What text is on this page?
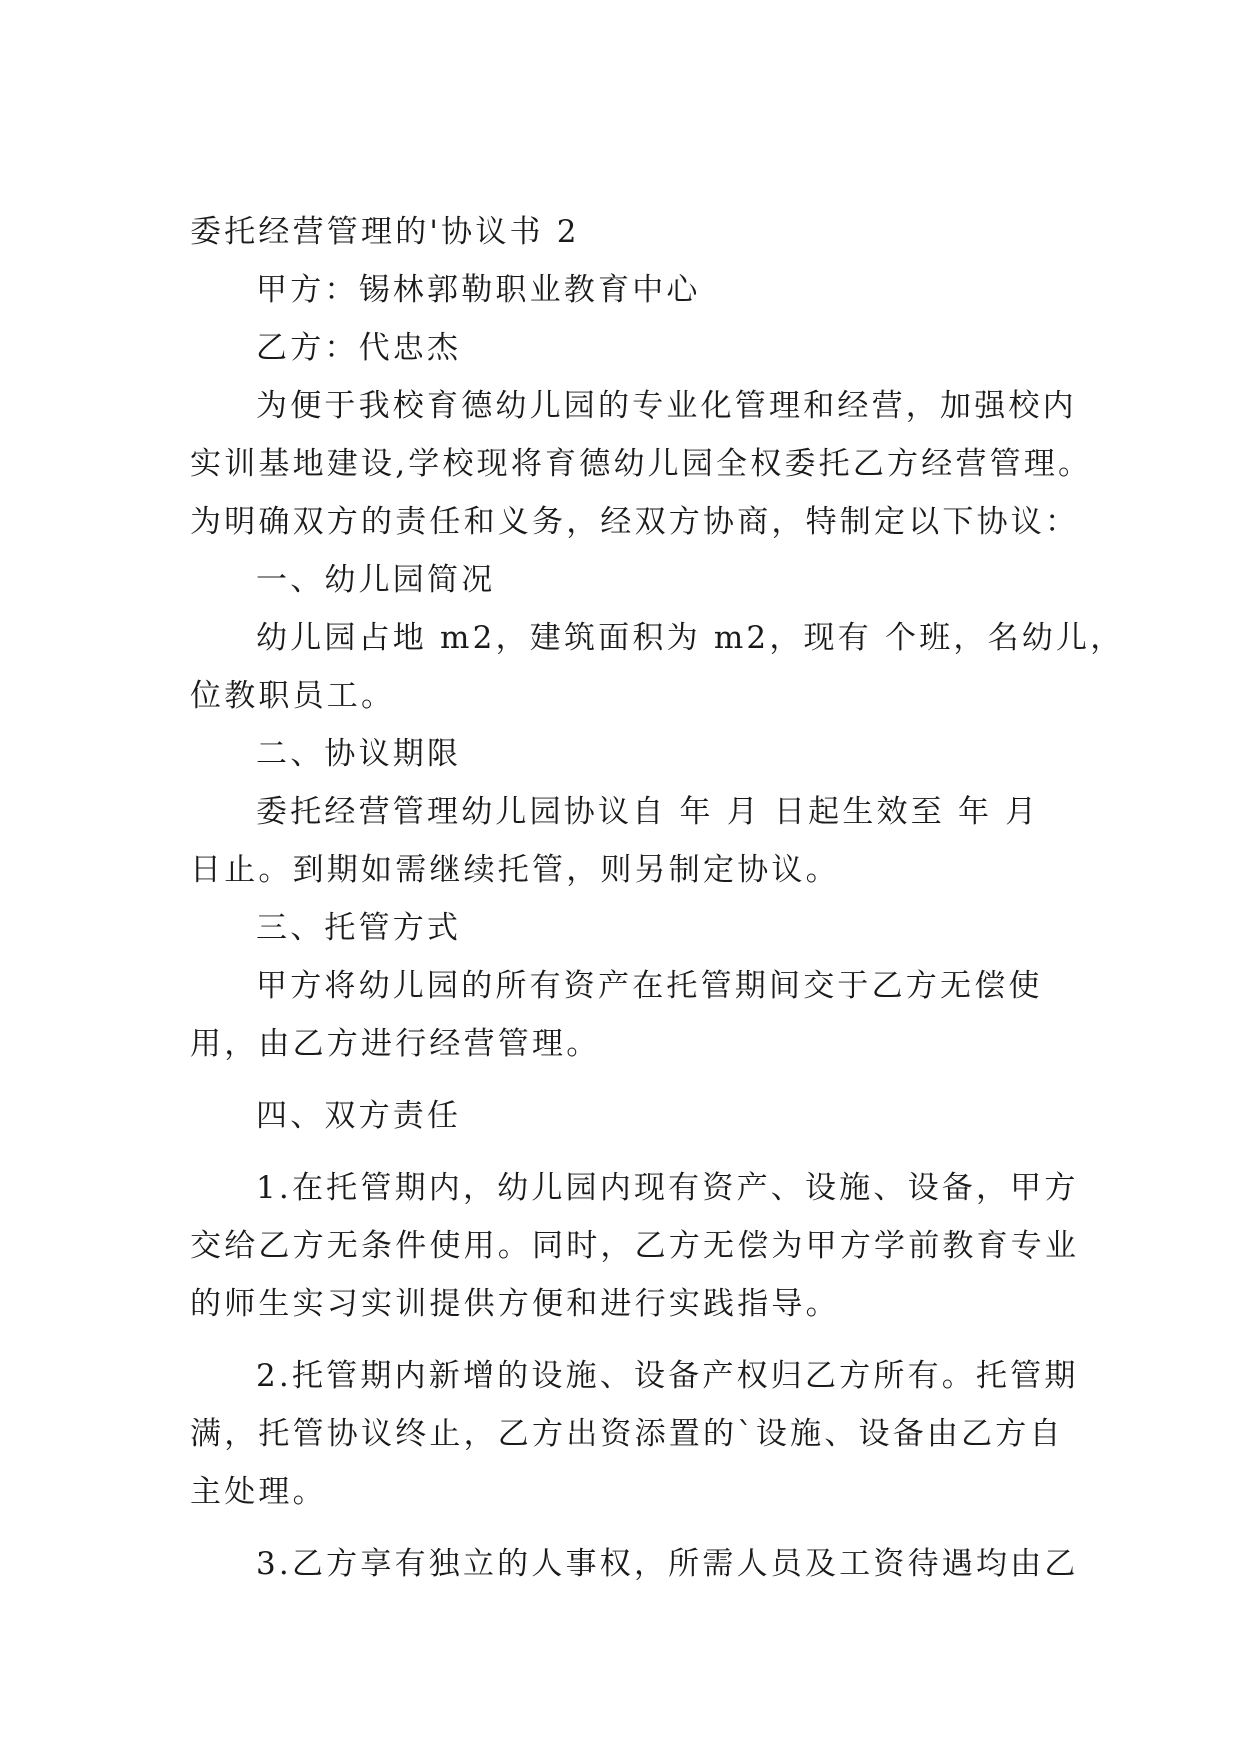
委托经营管理的'协议书 2
甲方：锡林郭勒职业教育中心
乙方：代忠杰
为便于我校育德幼儿园的专业化管理和经营，加强校内
实训基地建设,学校现将育德幼儿园全权委托乙方经营管理。
为明确双方的责任和义务，经双方协商，特制定以下协议：
一、幼儿园简况
幼儿园占地 m2，建筑面积为 m2，现有 个班，名幼儿，
位教职员工。
二、协议期限
委托经营管理幼儿园协议自 年 月 日起生效至 年 月
日止。到期如需继续托管，则另制定协议。
三、托管方式
甲方将幼儿园的所有资产在托管期间交于乙方无偿使
用，由乙方进行经营管理。
四、双方责任
1.在托管期内，幼儿园内现有资产、设施、设备，甲方
交给乙方无条件使用。同时，乙方无偿为甲方学前教育专业
的师生实习实训提供方便和进行实践指导。
2.托管期内新增的设施、设备产权归乙方所有。托管期
满，托管协议终止，乙方出资添置的`设施、设备由乙方自
主处理。
3.乙方享有独立的人事权，所需人员及工资待遇均由乙
